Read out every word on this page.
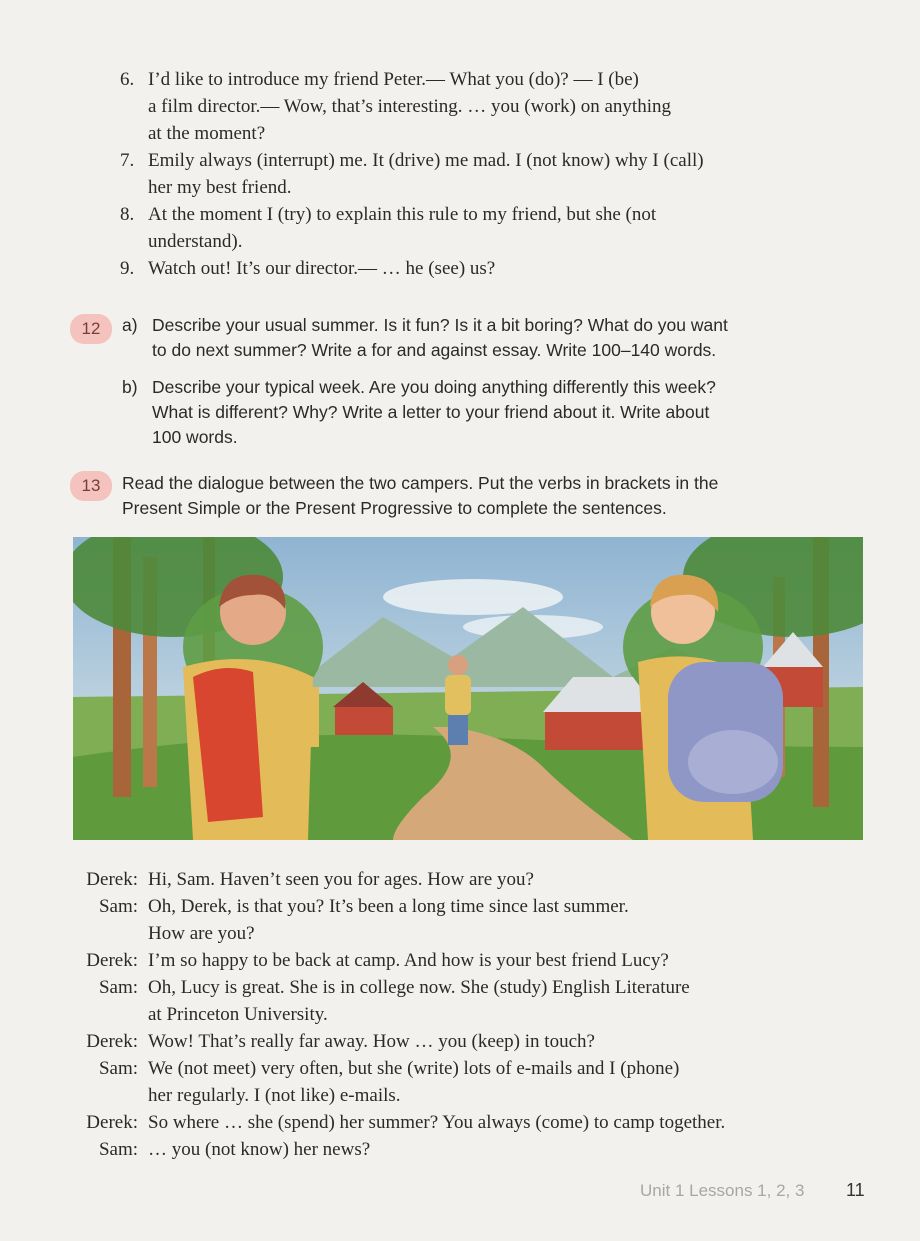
6. I’d like to introduce my friend Peter.— What you (do)? — I (be)
a film director.— Wow, that’s interesting. … you (work) on anything
at the moment?
7. Emily always (interrupt) me. It (drive) me mad. I (not know) why I (call)
her my best friend.
8. At the moment I (try) to explain this rule to my friend, but she (not
understand).
9. Watch out! It’s our director.— … he (see) us?
12	a) Describe your usual summer. Is it fun? Is it a bit boring? What do you want
to do next summer? Write a for and against essay. Write 100–140 words.
b) Describe your typical week. Are you doing anything differently this week?
What is different? Why? Write a letter to your friend about it. Write about
100 words.
13	Read the dialogue between the two campers. Put the verbs in brackets in the
Present Simple or the Present Progressive to complete the sentences.
Derek: Hi, Sam. Haven’t seen you for ages. How are you?
Sam: Oh, Derek, is that you? It’s been a long time since last summer.
How are you?
Derek: I’m so happy to be back at camp. And how is your best friend Lucy?
Sam: Oh, Lucy is great. She is in college now. She (study) English Literature
at Princeton University.
Derek: Wow! That’s really far away. How … you (keep) in touch?
Sam: We (not meet) very often, but she (write) lots of e-mails and I (phone)
her regularly. I (not like) e-mails.
Derek: So where … she (spend) her summer? You always (come) to camp together.
Sam: … you (not know) her news?
Unit 1 Lessons 1, 2, 3 11
